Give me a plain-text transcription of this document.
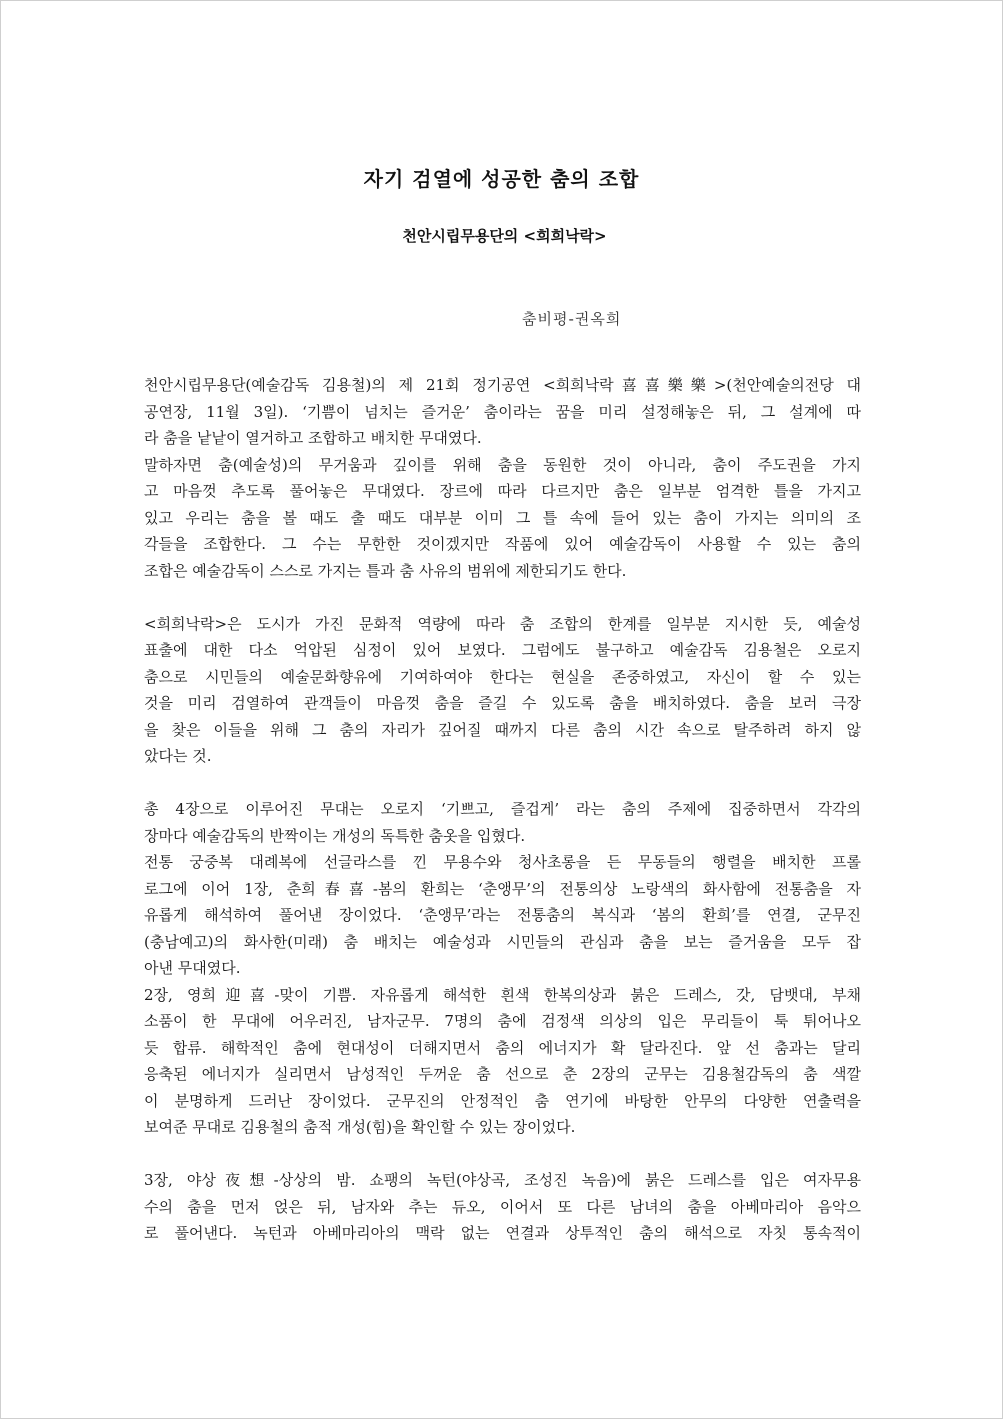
자기 검열에 성공한 춤의 조합
천안시립무용단의 <희희낙락>
춤비평-권옥희
천안시립무용단(예술감독 김용철)의 제 21회 정기공연 <희희낙락喜喜樂樂>(천안예술의전당 대
공연장, 11월 3일). ‘기쁨이 넘치는 즐거운’ 춤이라는 꿈을 미리 설정해놓은 뒤, 그 설계에 따
라 춤을 낱낱이 열거하고 조합하고 배치한 무대였다.
말하자면 춤(예술성)의 무거움과 깊이를 위해 춤을 동원한 것이 아니라, 춤이 주도권을 가지
고 마음껏 추도록 풀어놓은 무대였다. 장르에 따라 다르지만 춤은 일부분 엄격한 틀을 가지고
있고 우리는 춤을 볼 때도 출 때도 대부분 이미 그 틀 속에 들어 있는 춤이 가지는 의미의 조
각들을 조합한다. 그 수는 무한한 것이겠지만 작품에 있어 예술감독이 사용할 수 있는 춤의
조합은 예술감독이 스스로 가지는 틀과 춤 사유의 범위에 제한되기도 한다.
<희희낙락>은 도시가 가진 문화적 역량에 따라 춤 조합의 한계를 일부분 지시한 듯, 예술성
표출에 대한 다소 억압된 심정이 있어 보였다. 그럼에도 불구하고 예술감독 김용철은 오로지
춤으로 시민들의 예술문화향유에 기여하여야 한다는 현실을 존중하였고, 자신이 할 수 있는
것을 미리 검열하여 관객들이 마음껏 춤을 즐길 수 있도록 춤을 배치하였다. 춤을 보러 극장
을 찾은 이들을 위해 그 춤의 자리가 깊어질 때까지 다른 춤의 시간 속으로 탈주하려 하지 않
았다는 것.
총 4장으로 이루어진 무대는 오로지 ‘기쁘고, 즐겁게’ 라는 춤의 주제에 집중하면서 각각의
장마다 예술감독의 반짝이는 개성의 독특한 춤옷을 입혔다.
전통 궁중복 대례복에 선글라스를 낀 무용수와 청사초롱을 든 무동들의 행렬을 배치한 프롤
로그에 이어 1장, 춘희春喜-봄의 환희는 ‘춘앵무’의 전통의상 노랑색의 화사함에 전통춤을 자
유롭게 해석하여 풀어낸 장이었다. ‘춘앵무’라는 전통춤의 복식과 ‘봄의 환희’를 연결, 군무진
(충남예고)의 화사한(미래) 춤 배치는 예술성과 시민들의 관심과 춤을 보는 즐거움을 모두 잡
아낸 무대였다.
2장, 영희迎喜-맞이 기쁨. 자유롭게 해석한 흰색 한복의상과 붉은 드레스, 갓, 담뱃대, 부채
소품이 한 무대에 어우러진, 남자군무. 7명의 춤에 검정색 의상의 입은 무리들이 툭 튀어나오
듯 합류. 해학적인 춤에 현대성이 더해지면서 춤의 에너지가 확 달라진다. 앞 선 춤과는 달리
응축된 에너지가 실리면서 남성적인 두꺼운 춤 선으로 춘 2장의 군무는 김용철감독의 춤 색깔
이 분명하게 드러난 장이었다. 군무진의 안정적인 춤 연기에 바탕한 안무의 다양한 연출력을
보여준 무대로 김용철의 춤적 개성(힘)을 확인할 수 있는 장이었다.
3장, 야상夜想-상상의 밤. 쇼팽의 녹턴(야상곡, 조성진 녹음)에 붉은 드레스를 입은 여자무용
수의 춤을 먼저 얹은 뒤, 남자와 추는 듀오, 이어서 또 다른 남녀의 춤을 아베마리아 음악으
로 풀어낸다. 녹턴과 아베마리아의 맥락 없는 연결과 상투적인 춤의 해석으로 자칫 통속적이
